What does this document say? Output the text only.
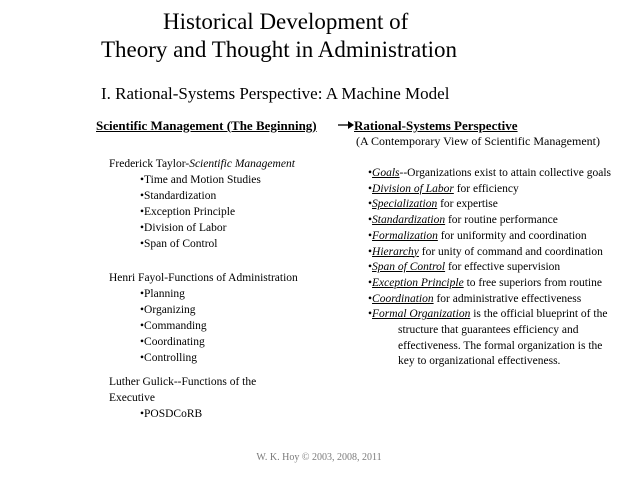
Historical Development of
Theory and Thought in Administration
I. Rational-Systems Perspective: A Machine Model
Scientific Management (The Beginning)	Rational-Systems Perspective
(A Contemporary View of Scientific Management)
Frederick Taylor-Scientific Management
•Time and Motion Studies
•Standardization
•Exception Principle
•Division of Labor
•Span of Control
Henri Fayol-Functions of Administration
•Planning
•Organizing
•Commanding
•Coordinating
•Controlling
Luther Gulick--Functions of the
Executive
•POSDCoRB
•Goals--Organizations exist to attain collective goals
•Division of Labor for efficiency
•Specialization for expertise
•Standardization for routine performance
•Formalization for uniformity and coordination
•Hierarchy for unity of command and coordination
•Span of Control for effective supervision
•Exception Principle to free superiors from routine
•Coordination for administrative effectiveness
•Formal Organization is the official blueprint of the
structure that guarantees efficiency and
effectiveness. The formal organization is the
key to organizational effectiveness.
W. K. Hoy © 2003, 2008, 2011
